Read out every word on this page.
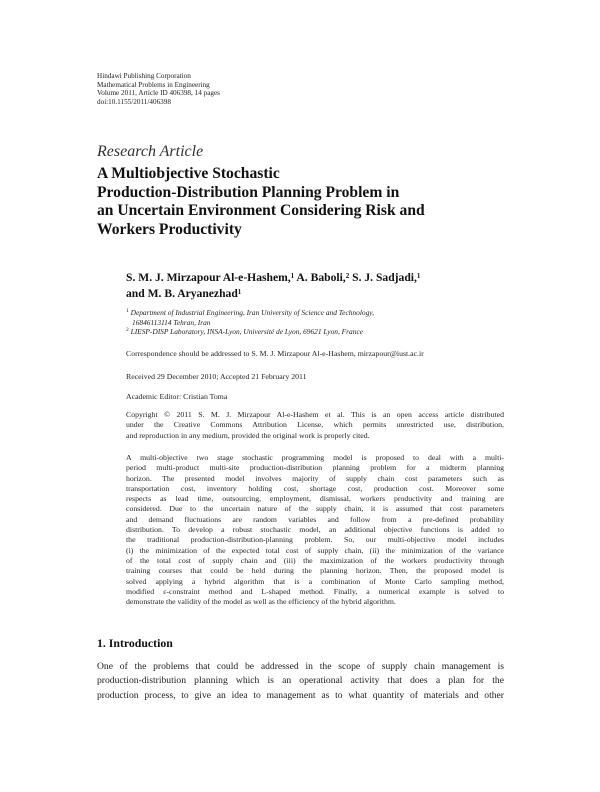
Hindawi Publishing Corporation
Mathematical Problems in Engineering
Volume 2011, Article ID 406398, 14 pages
doi:10.1155/2011/406398
Research Article
A Multiobjective Stochastic
Production-Distribution Planning Problem in
an Uncertain Environment Considering Risk and
Workers Productivity
S. M. J. Mirzapour Al-e-Hashem,$^1$ A. Baboli,$^2$ S. J. Sadjadi,$^1$
and M. B. Aryanezhad$^1$
$^1$ Department of Industrial Engineering, Iran University of Science and Technology,
16846113114 Tehran, Iran
$^2$ LIESP-DISP Laboratory, INSA-Lyon, Université de Lyon, 69621 Lyon, France
Correspondence should be addressed to S. M. J. Mirzapour Al-e-Hashem, mirzapour@iust.ac.ir
Received 29 December 2010; Accepted 21 February 2011
Academic Editor: Cristian Toma
Copyright © 2011 S. M. J. Mirzapour Al-e-Hashem et al. This is an open access article distributed
under the Creative Commons Attribution License, which permits unrestricted use, distribution,
and reproduction in any medium, provided the original work is properly cited.
A multi-objective two stage stochastic programming model is proposed to deal with a multi-
period multi-product multi-site production-distribution planning problem for a midterm planning
horizon. The presented model involves majority of supply chain cost parameters such as
transportation cost, inventory holding cost, shortage cost, production cost. Moreover some
respects as lead time, outsourcing, employment, dismissal, workers productivity and training are
considered. Due to the uncertain nature of the supply chain, it is assumed that cost parameters
and demand fluctuations are random variables and follow from a pre-defined probability
distribution. To develop a robust stochastic model, an additional objective functions is added to
the traditional production-distribution-planning problem. So, our multi-objective model includes
(i) the minimization of the expected total cost of supply chain, (ii) the minimization of the variance
of the total cost of supply chain and (iii) the maximization of the workers productivity through
training courses that could be held during the planning horizon. Then, the proposed model is
solved applying a hybrid algorithm that is a combination of Monte Carlo sampling method,
modified ε-constraint method and L-shaped method. Finally, a numerical example is solved to
demonstrate the validity of the model as well as the efficiency of the hybrid algorithm.
1. Introduction
One of the problems that could be addressed in the scope of supply chain management is
production-distribution planning which is an operational activity that does a plan for the
production process, to give an idea to management as to what quantity of materials and other
